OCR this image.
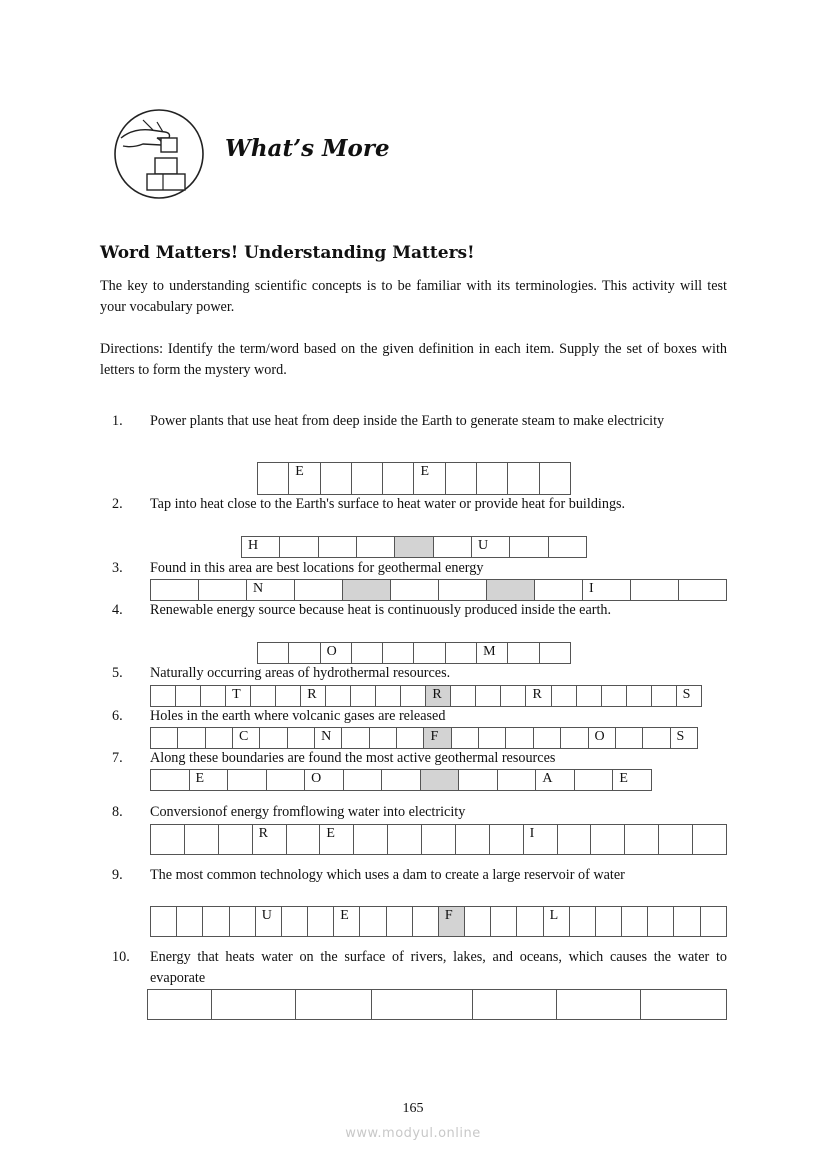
What’s More
Word Matters! Understanding Matters!

The key to understanding scientific concepts is to be familiar with its terminologies. This activity will test your vocabulary power.

Directions: Identify the term/word based on the given definition in each item. Supply the set of boxes with letters to form the mystery word.

1. Power plants that use heat from deep inside the Earth to generate steam to make electricity
E	E
2. Tap into heat close to the Earth's surface to heat water or provide heat for buildings.
H	U
3. Found in this area are best locations for geothermal energy
N	I
4. Renewable energy source because heat is continuously produced inside the earth.
O	M
5. Naturally occurring areas of hydrothermal resources.
T	R	R	R	S
6. Holes in the earth where volcanic gases are released
C	N	F	O	S
7. Along these boundaries are found the most active geothermal resources
E	O	A	E
8. Conversionof energy fromflowing water into electricity
R	E	I
9. The most common technology which uses a dam to create a large reservoir of water
U	E	F	L
10. Energy that heats water on the surface of rivers, lakes, and oceans, which causes the water to evaporate

165

www.modyul.online
